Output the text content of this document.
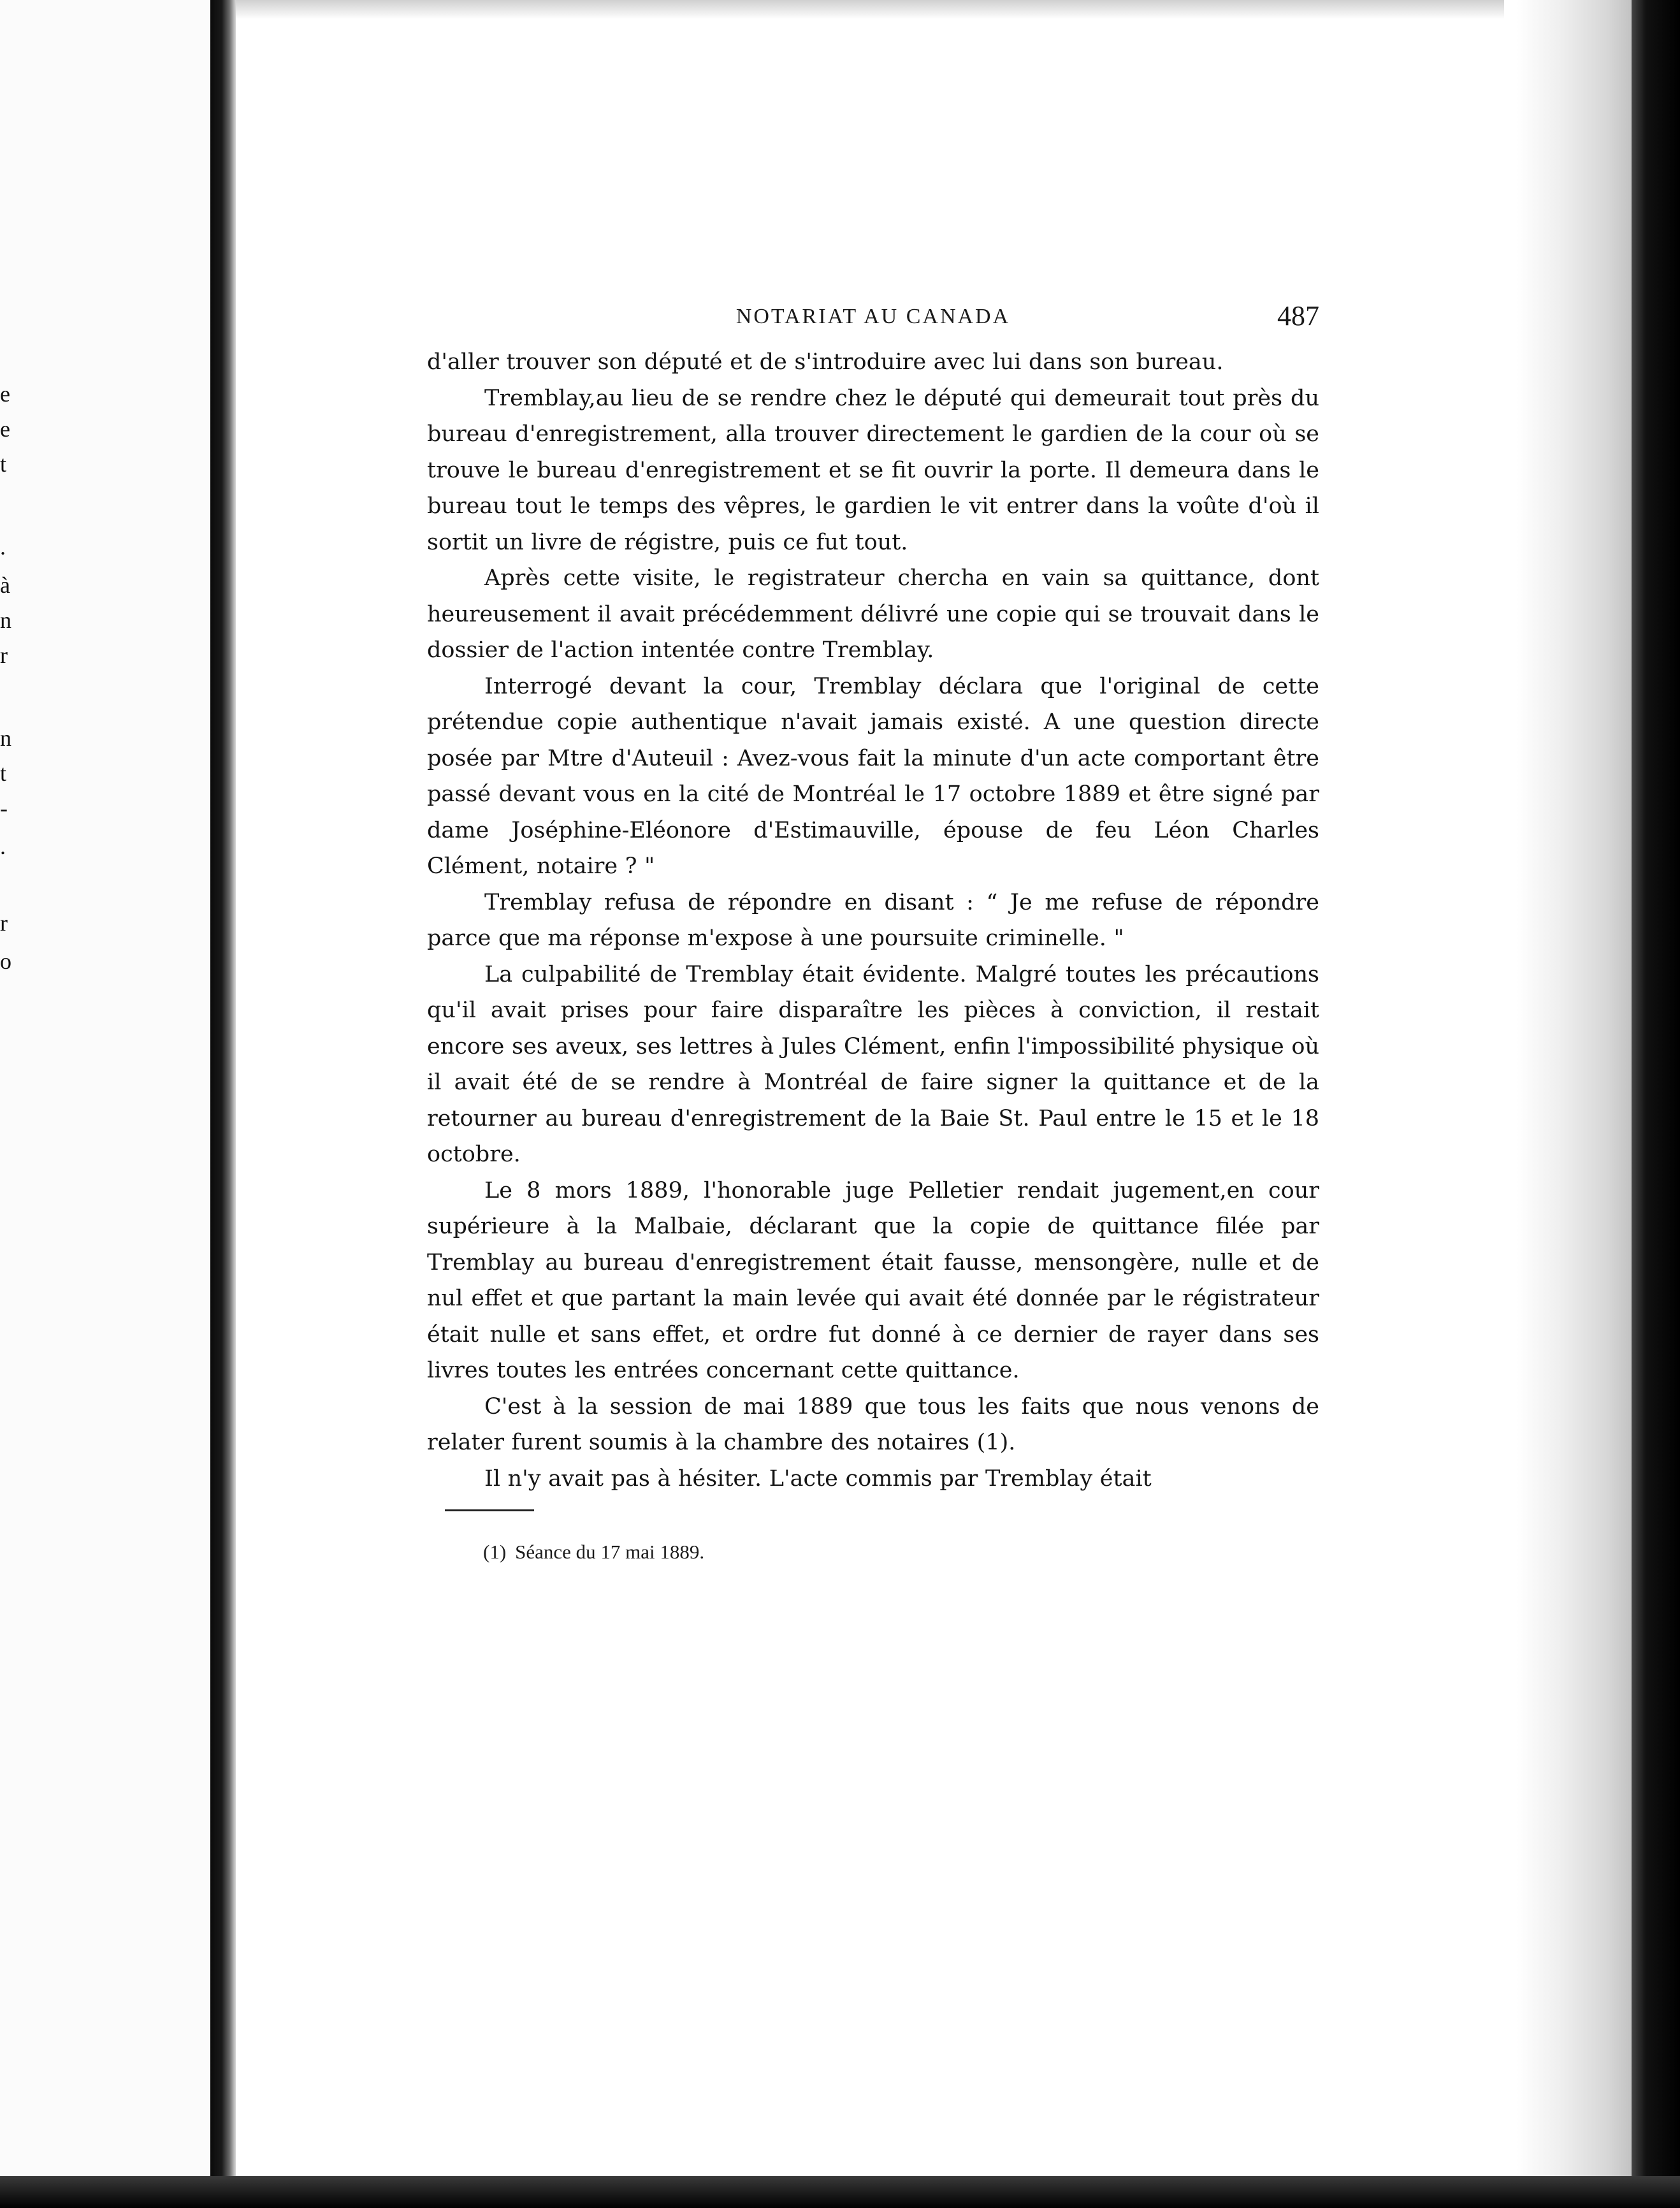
e
e
t
.
à
n
r
n
t
-
.
r
o
NOTARIAT AU CANADA	487

d'aller trouver son député et de s'introduire avec lui dans son bureau.

Tremblay,au lieu de se rendre chez le député qui demeurait tout près du bureau d'enregistrement, alla trouver directement le gardien de la cour où se trouve le bureau d'enregistrement et se fit ouvrir la porte. Il demeura dans le bureau tout le temps des vêpres, le gardien le vit entrer dans la voûte d'où il sortit un livre de régistre, puis ce fut tout.

Après cette visite, le registrateur chercha en vain sa quittance, dont heureusement il avait précédemment délivré une copie qui se trouvait dans le dossier de l'action intentée contre Tremblay.

Interrogé devant la cour, Tremblay déclara que l'original de cette prétendue copie authentique n'avait jamais existé. A une question directe posée par Mtre d'Auteuil : Avez-vous fait la minute d'un acte comportant être passé devant vous en la cité de Montréal le 17 octobre 1889 et être signé par dame Joséphine-Eléonore d'Estimauville, épouse de feu Léon Charles Clément, notaire ? "

Tremblay refusa de répondre en disant : “ Je me refuse de répondre parce que ma réponse m'expose à une poursuite criminelle. "

La culpabilité de Tremblay était évidente. Malgré toutes les précautions qu'il avait prises pour faire disparaître les pièces à conviction, il restait encore ses aveux, ses lettres à Jules Clément, enfin l'impossibilité physique où il avait été de se rendre à Montréal de faire signer la quittance et de la retourner au bureau d'enregistrement de la Baie St. Paul entre le 15 et le 18 octobre.

Le 8 mors 1889, l'honorable juge Pelletier rendait jugement,en cour supérieure à la Malbaie, déclarant que la copie de quittance filée par Tremblay au bureau d'enregistrement était fausse, mensongère, nulle et de nul effet et que partant la main levée qui avait été donnée par le régistrateur était nulle et sans effet, et ordre fut donné à ce dernier de rayer dans ses livres toutes les entrées concernant cette quittance.

C'est à la session de mai 1889 que tous les faits que nous venons de relater furent soumis à la chambre des notaires (1).

Il n'y avait pas à hésiter. L'acte commis par Tremblay était

(1) Séance du 17 mai 1889.
